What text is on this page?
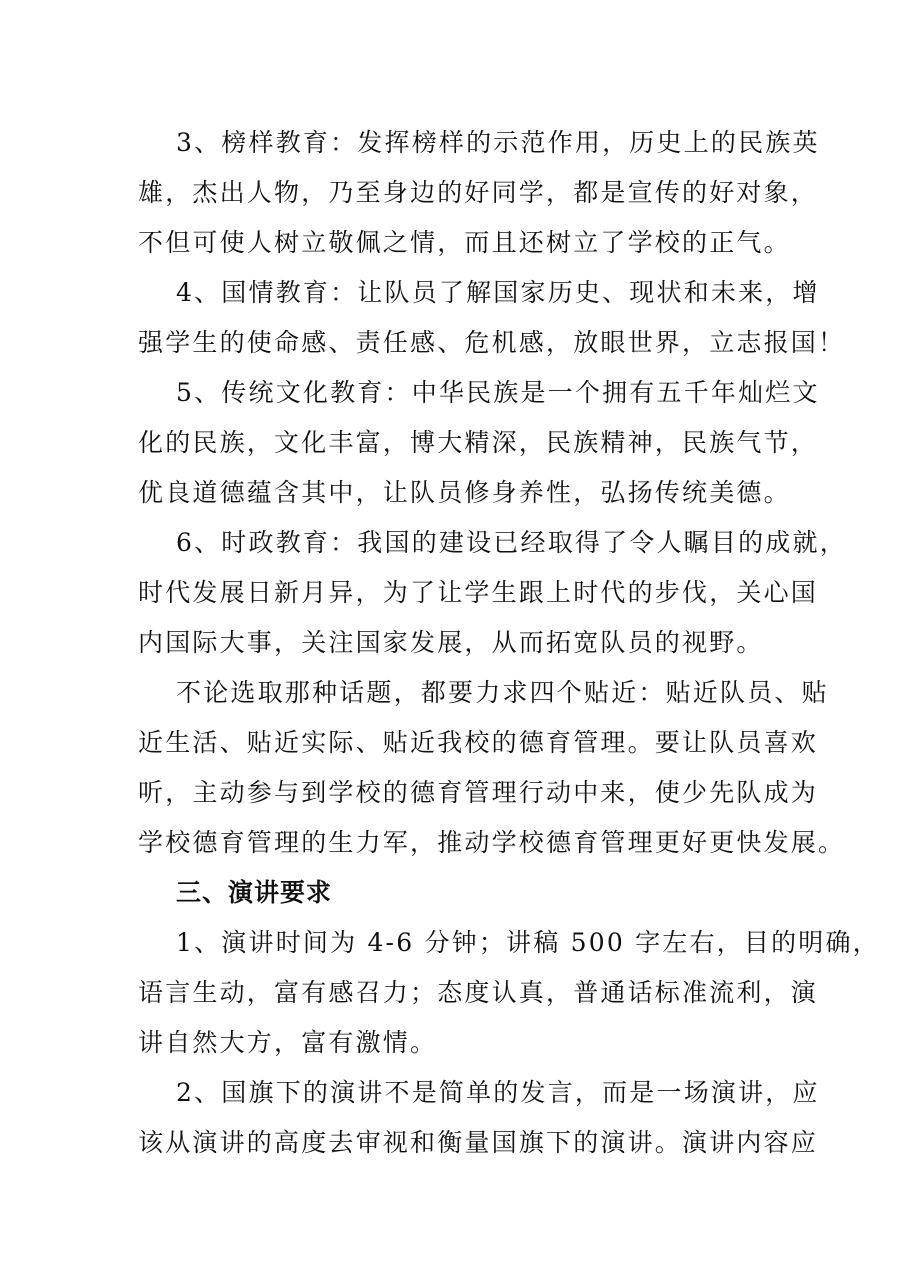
3、榜样教育：发挥榜样的示范作用，历史上的民族英
雄，杰出人物，乃至身边的好同学，都是宣传的好对象，
不但可使人树立敬佩之情，而且还树立了学校的正气。
4、国情教育：让队员了解国家历史、现状和未来，增
强学生的使命感、责任感、危机感，放眼世界，立志报国！
5、传统文化教育：中华民族是一个拥有五千年灿烂文
化的民族，文化丰富，博大精深，民族精神，民族气节，
优良道德蕴含其中，让队员修身养性，弘扬传统美德。
6、时政教育：我国的建设已经取得了令人瞩目的成就，
时代发展日新月异，为了让学生跟上时代的步伐，关心国
内国际大事，关注国家发展，从而拓宽队员的视野。
不论选取那种话题，都要力求四个贴近：贴近队员、贴
近生活、贴近实际、贴近我校的德育管理。要让队员喜欢
听，主动参与到学校的德育管理行动中来，使少先队成为
学校德育管理的生力军，推动学校德育管理更好更快发展。
三、演讲要求
1、演讲时间为 4-6 分钟；讲稿 500 字左右，目的明确，
语言生动，富有感召力；态度认真，普通话标准流利，演
讲自然大方，富有激情。
2、国旗下的演讲不是简单的发言，而是一场演讲，应
该从演讲的高度去审视和衡量国旗下的演讲。演讲内容应
